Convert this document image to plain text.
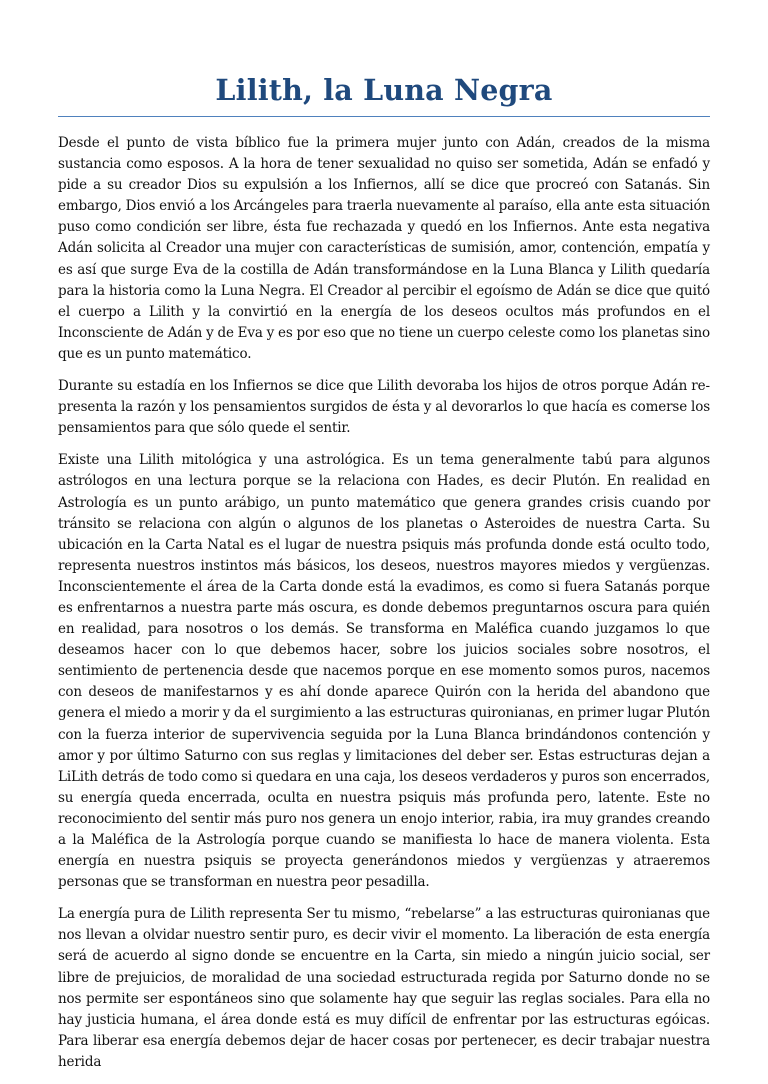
Lilith, la Luna Negra

Desde el punto de vista bíblico fue la primera mujer junto con Adán, creados de la misma sustancia como esposos. A la hora de tener sexualidad no quiso ser sometida, Adán se enfadó y pide a su creador Dios su expulsión a los Infiernos, allí se dice que procreó con Satanás. Sin embargo, Dios envió a los Arcángeles para traerla nuevamente al paraíso, ella ante esta situación puso como condición ser libre, ésta fue rechazada y quedó en los Infiernos. Ante esta negativa Adán solicita al Creador una mujer con características de sumisión, amor, contención, empatía y es así que surge Eva de la costilla de Adán transformándose en la Luna Blanca y Lilith quedaría para la historia como la Luna Negra. El Creador al percibir el egoísmo de Adán se dice que quitó el cuerpo a Lilith y la convirtió en la energía de los deseos ocultos más profundos en el Inconsciente de Adán y de Eva y es por eso que no tiene un cuerpo celeste como los planetas sino que es un punto matemático.

Durante su estadía en los Infiernos se dice que Lilith devoraba los hijos de otros porque Adán representa la razón y los pensamientos surgidos de ésta y al devorarlos lo que hacía es comerse los pensamientos para que sólo quede el sentir.

Existe una Lilith mitológica y una astrológica. Es un tema generalmente tabú para algunos astrólogos en una lectura porque se la relaciona con Hades, es decir Plutón. En realidad en Astrología es un punto arábigo, un punto matemático que genera grandes crisis cuando por tránsito se relaciona con algún o algunos de los planetas o Asteroides de nuestra Carta. Su ubicación en la Carta Natal es el lugar de nuestra psiquis más profunda donde está oculto todo, representa nuestros instintos más básicos, los deseos, nuestros mayores miedos y vergüenzas. Inconscientemente el área de la Carta donde está la evadimos, es como si fuera Satanás porque es enfrentarnos a nuestra parte más oscura, es donde debemos preguntarnos oscura para quién en realidad, para nosotros o los demás. Se transforma en Maléfica cuando juzgamos lo que deseamos hacer con lo que debemos hacer, sobre los juicios sociales sobre nosotros, el sentimiento de pertenencia desde que nacemos porque en ese momento somos puros, nacemos con deseos de manifestarnos y es ahí donde aparece Quirón con la herida del abandono que genera el miedo a morir y da el surgimiento a las estructuras quironianas, en primer lugar Plutón con la fuerza interior de supervivencia seguida por la Luna Blanca brindándonos contención y amor y por último Saturno con sus reglas y limitaciones del deber ser. Estas estructuras dejan a LiLith detrás de todo como si quedara en una caja, los deseos verdaderos y puros son encerrados, su energía queda encerrada, oculta en nuestra psiquis más profunda pero, latente. Este no reconocimiento del sentir más puro nos genera un enojo interior, rabia, ira muy grandes creando a la Maléfica de la Astrología porque cuando se manifiesta lo hace de manera violenta. Esta energía en nuestra psiquis se proyecta generándonos miedos y vergüenzas y atraeremos personas que se transforman en nuestra peor pesadilla.

La energía pura de Lilith representa Ser tu mismo, “rebelarse” a las estructuras quironianas que nos llevan a olvidar nuestro sentir puro, es decir vivir el momento. La liberación de esta energía será de acuerdo al signo donde se encuentre en la Carta, sin miedo a ningún juicio social, ser libre de prejuicios, de moralidad de una sociedad estructurada regida por Saturno donde no se nos permite ser espontáneos sino que solamente hay que seguir las reglas sociales. Para ella no hay justicia humana, el área donde está es muy difícil de enfrentar por las estructuras egóicas. Para liberar esa energía debemos dejar de hacer cosas por pertenecer, es decir trabajar nuestra herida
